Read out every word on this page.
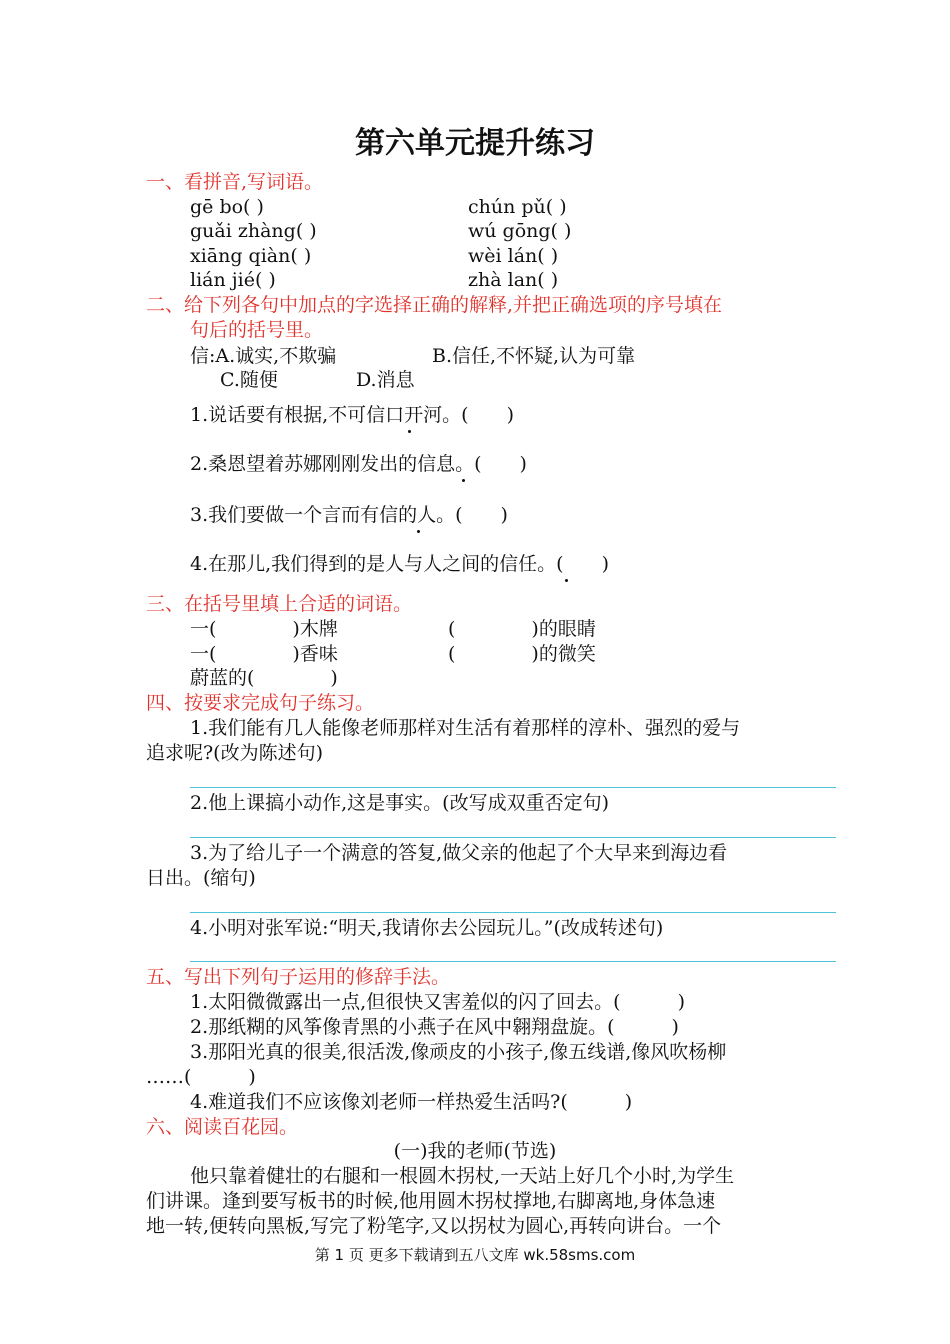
第六单元提升练习
一、看拼音,写词语。
gē bo( )	chún pǔ( )
guǎi zhàng( )	wú gōng( )
xiāng qiàn( )	wèi lán( )
lián jié( )	zhà lan( )
二、给下列各句中加点的字选择正确的解释,并把正确选项的序号填在
句后的括号里。
信:A.诚实,不欺骗	B.信任,不怀疑,认为可靠
C.随便	D.消息
1.说话要有根据,不可信口开河。(　　)
2.桑恩望着苏娜刚刚发出的信息。(　　)
3.我们要做一个言而有信的人。(　　)
4.在那儿,我们得到的是人与人之间的信任。(　　)
三、在括号里填上合适的词语。
一(　　　　)木牌	(　　　　)的眼睛
一(　　　　)香味	(　　　　)的微笑
蔚蓝的(　　　　)
四、按要求完成句子练习。
1.我们能有几人能像老师那样对生活有着那样的淳朴、强烈的爱与
追求呢?(改为陈述句)
2.他上课搞小动作,这是事实。(改写成双重否定句)
3.为了给儿子一个满意的答复,做父亲的他起了个大早来到海边看
日出。(缩句)
4.小明对张军说:“明天,我请你去公园玩儿。”(改成转述句)
五、写出下列句子运用的修辞手法。
1.太阳微微露出一点,但很快又害羞似的闪了回去。(　　　)
2.那纸糊的风筝像青黑的小燕子在风中翱翔盘旋。(　　　)
3.那阳光真的很美,很活泼,像顽皮的小孩子,像五线谱,像风吹杨柳
……(　　　)
4.难道我们不应该像刘老师一样热爱生活吗?(　　　)
六、阅读百花园。
(一)我的老师(节选)
他只靠着健壮的右腿和一根圆木拐杖,一天站上好几个小时,为学生
们讲课。逢到要写板书的时候,他用圆木拐杖撑地,右脚离地,身体急速
地一转,便转向黑板,写完了粉笔字,又以拐杖为圆心,再转向讲台。一个
第 1 页 更多下载请到五八文库 wk.58sms.com
